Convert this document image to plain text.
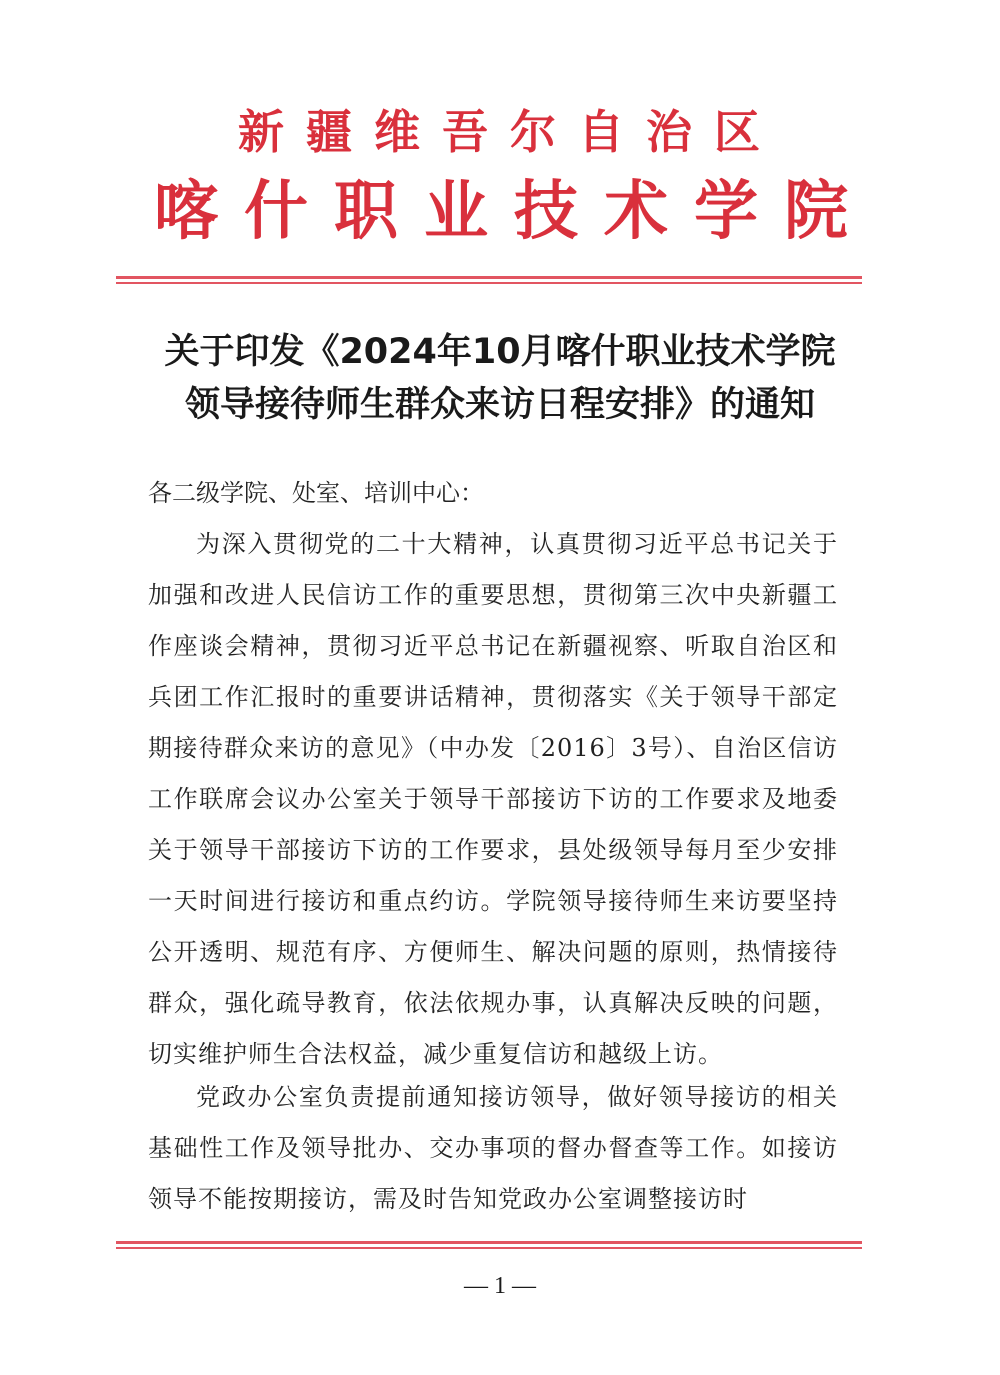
新疆维吾尔自治区
喀什职业技术学院
关于印发《2024年10月喀什职业技术学院
领导接待师生群众来访日程安排》的通知
各二级学院、处室、培训中心：
为深入贯彻党的二十大精神，认真贯彻习近平总书记关于加强和改进人民信访工作的重要思想，贯彻第三次中央新疆工作座谈会精神，贯彻习近平总书记在新疆视察、听取自治区和兵团工作汇报时的重要讲话精神，贯彻落实《关于领导干部定期接待群众来访的意见》（中办发〔2016〕3号）、自治区信访工作联席会议办公室关于领导干部接访下访的工作要求及地委关于领导干部接访下访的工作要求，县处级领导每月至少安排一天时间进行接访和重点约访。学院领导接待师生来访要坚持公开透明、规范有序、方便师生、解决问题的原则，热情接待群众，强化疏导教育，依法依规办事，认真解决反映的问题，切实维护师生合法权益，减少重复信访和越级上访。
党政办公室负责提前通知接访领导，做好领导接访的相关基础性工作及领导批办、交办事项的督办督查等工作。如接访领导不能按期接访，需及时告知党政办公室调整接访时
— 1 —
